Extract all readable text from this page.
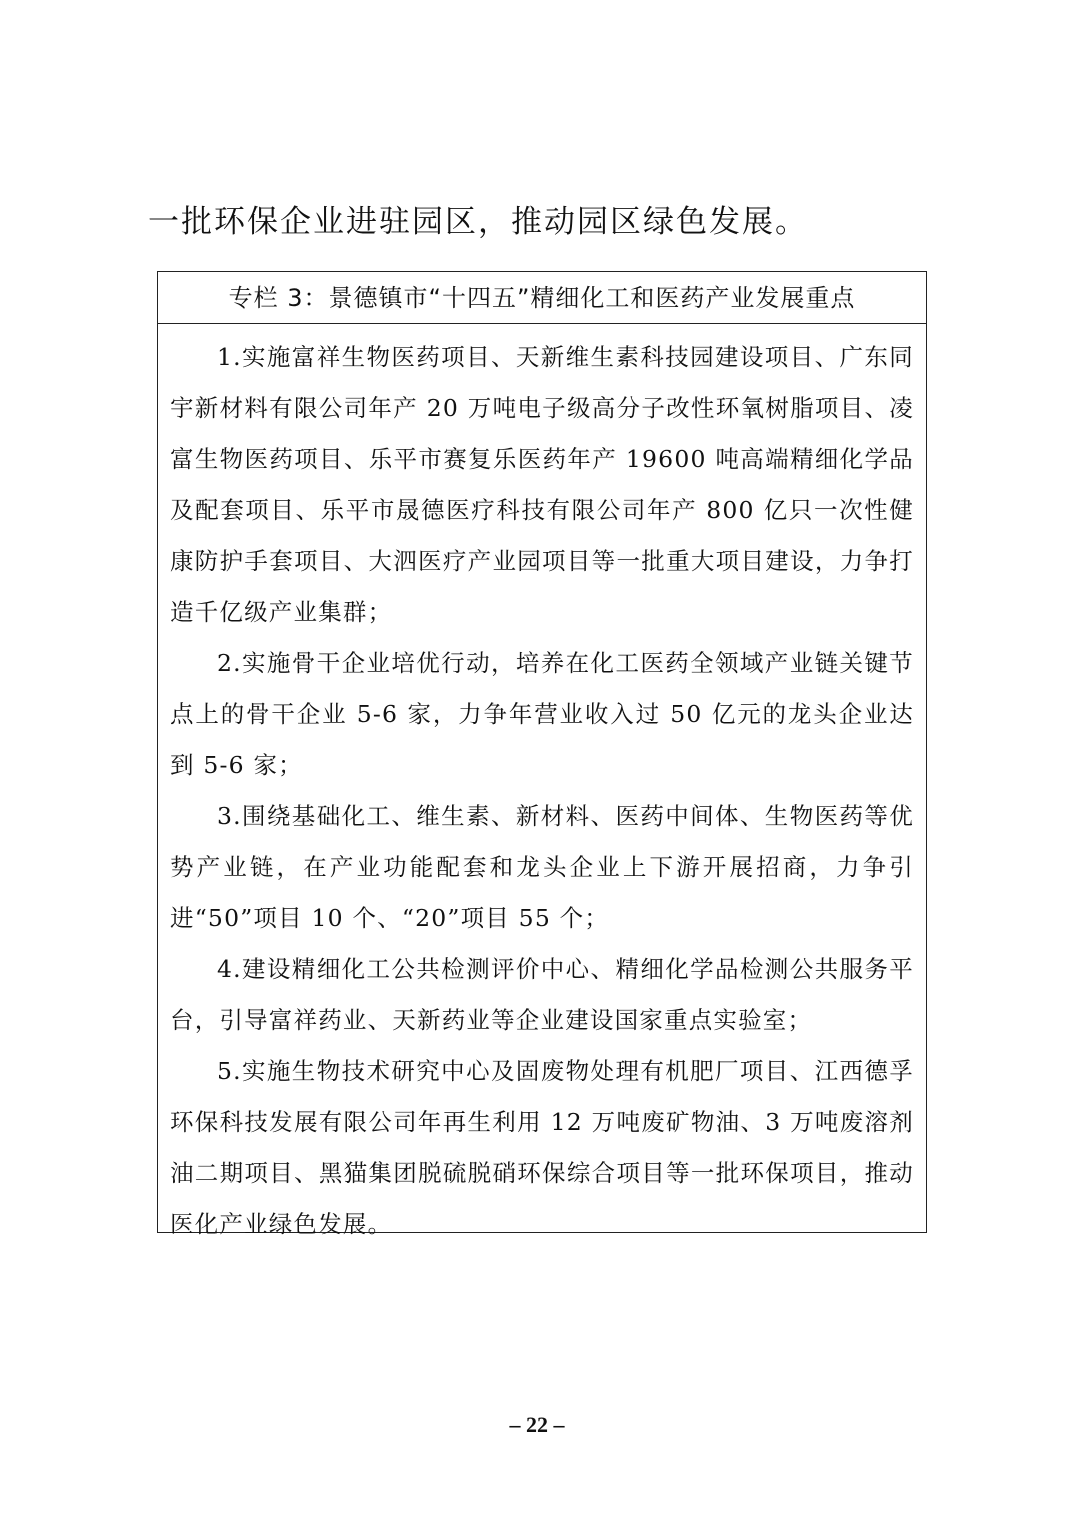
一批环保企业进驻园区，推动园区绿色发展。

专栏 3：景德镇市“十四五”精细化工和医药产业发展重点

1.实施富祥生物医药项目、天新维生素科技园建设项目、广东同宇新材料有限公司年产 20 万吨电子级高分子改性环氧树脂项目、凌富生物医药项目、乐平市赛复乐医药年产 19600 吨高端精细化学品及配套项目、乐平市晟德医疗科技有限公司年产 800 亿只一次性健康防护手套项目、大泗医疗产业园项目等一批重大项目建设，力争打造千亿级产业集群；

2.实施骨干企业培优行动，培养在化工医药全领域产业链关键节点上的骨干企业 5-6 家，力争年营业收入过 50 亿元的龙头企业达到 5-6 家；

3.围绕基础化工、维生素、新材料、医药中间体、生物医药等优势产业链，在产业功能配套和龙头企业上下游开展招商，力争引进“50”项目 10 个、“20”项目 55 个；

4.建设精细化工公共检测评价中心、精细化学品检测公共服务平台，引导富祥药业、天新药业等企业建设国家重点实验室；

5.实施生物技术研究中心及固废物处理有机肥厂项目、江西德孚环保科技发展有限公司年再生利用 12 万吨废矿物油、3 万吨废溶剂油二期项目、黑猫集团脱硫脱硝环保综合项目等一批环保项目，推动医化产业绿色发展。

– 22 –
